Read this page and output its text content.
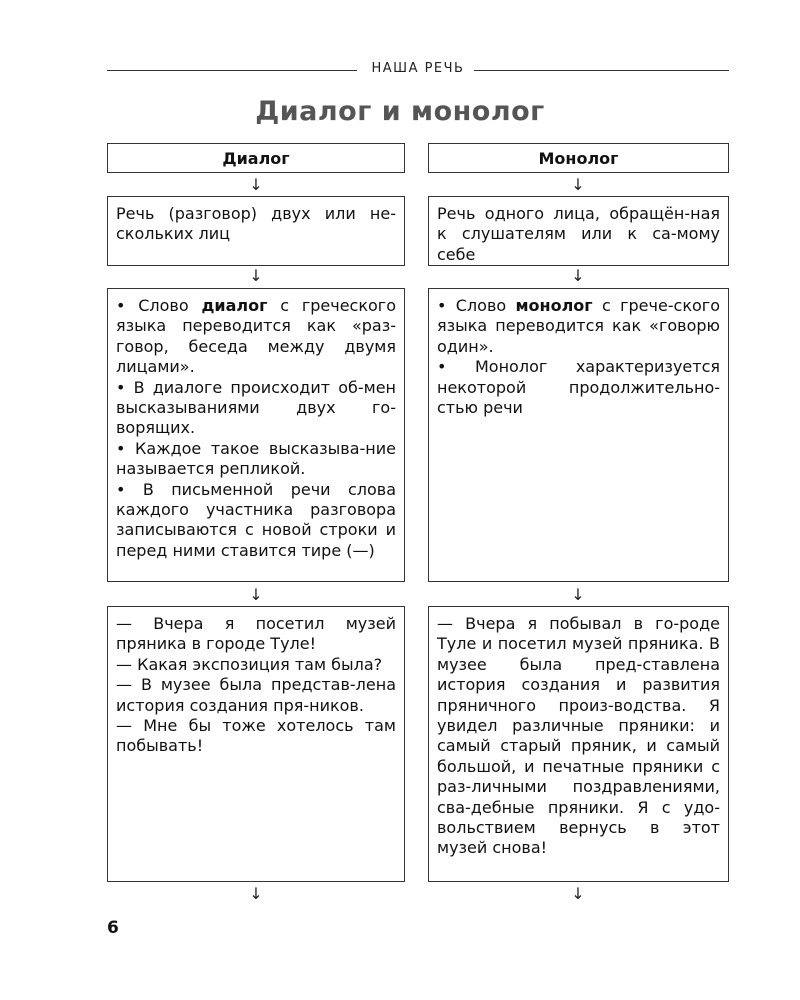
НАША РЕЧЬ
Диалог и монолог
Диалог
↓

Речь (разговор) двух или не-скольких лиц

↓

• Слово диалог с греческого языка переводится как «раз-говор, беседа между двумя лицами».

• В диалоге происходит об-мен высказываниями двух го-ворящих.

• Каждое такое высказыва-ние называется репликой.

• В письменной речи слова каждого участника разговора записываются с новой строки и перед ними ставится тире (—)

↓

— Вчера я посетил музей пряника в городе Туле!

— Какая экспозиция там была?

— В музее была представ-лена история создания пря-ников.

— Мне бы тоже хотелось там побывать!

↓
Монолог
↓

Речь одного лица, обращён-ная к слушателям или к са-мому себе

↓

• Слово монолог с грече-ского языка переводится как «говорю один».

• Монолог характеризуется некоторой продолжительно-стью речи

↓

— Вчера я побывал в го-роде Туле и посетил музей пряника. В музее была пред-ставлена история создания и развития пряничного произ-водства. Я увидел различные пряники: и самый старый пряник, и самый большой, и печатные пряники с раз-личными поздравлениями, сва-дебные пряники. Я с удо-вольствием вернусь в этот музей снова!

↓
6
